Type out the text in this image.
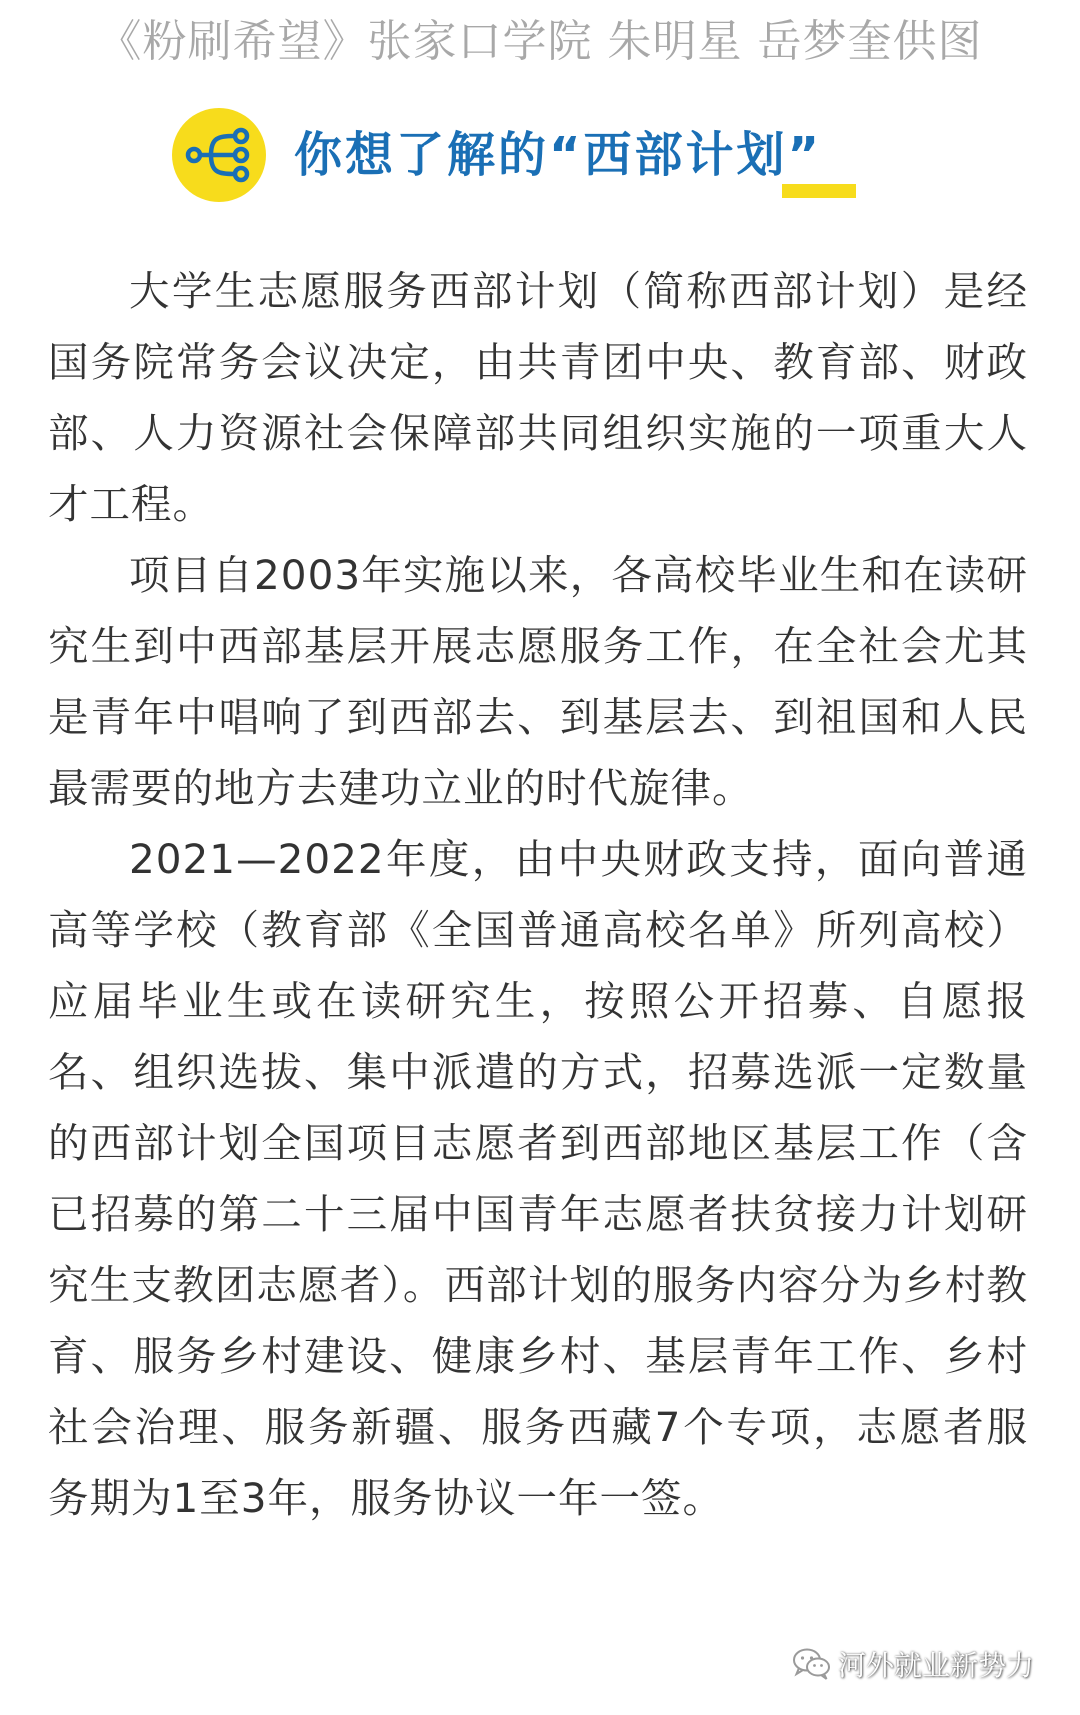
《粉刷希望》张家口学院 朱明星 岳梦奎供图
你想了解的“西部计划”

大学生志愿服务西部计划（简称西部计划）是经国务院常务会议决定，由共青团中央、教育部、财政部、人力资源社会保障部共同组织实施的一项重大人才工程。

项目自2003年实施以来，各高校毕业生和在读研究生到中西部基层开展志愿服务工作，在全社会尤其是青年中唱响了到西部去、到基层去、到祖国和人民最需要的地方去建功立业的时代旋律。

2021—2022年度，由中央财政支持，面向普通高等学校（教育部《全国普通高校名单》所列高校）应届毕业生或在读研究生，按照公开招募、自愿报名、组织选拔、集中派遣的方式，招募选派一定数量的西部计划全国项目志愿者到西部地区基层工作（含已招募的第二十三届中国青年志愿者扶贫接力计划研究生支教团志愿者）。西部计划的服务内容分为乡村教育、服务乡村建设、健康乡村、基层青年工作、乡村社会治理、服务新疆、服务西藏7个专项，志愿者服务期为1至3年，服务协议一年一签。

河外就业新势力
